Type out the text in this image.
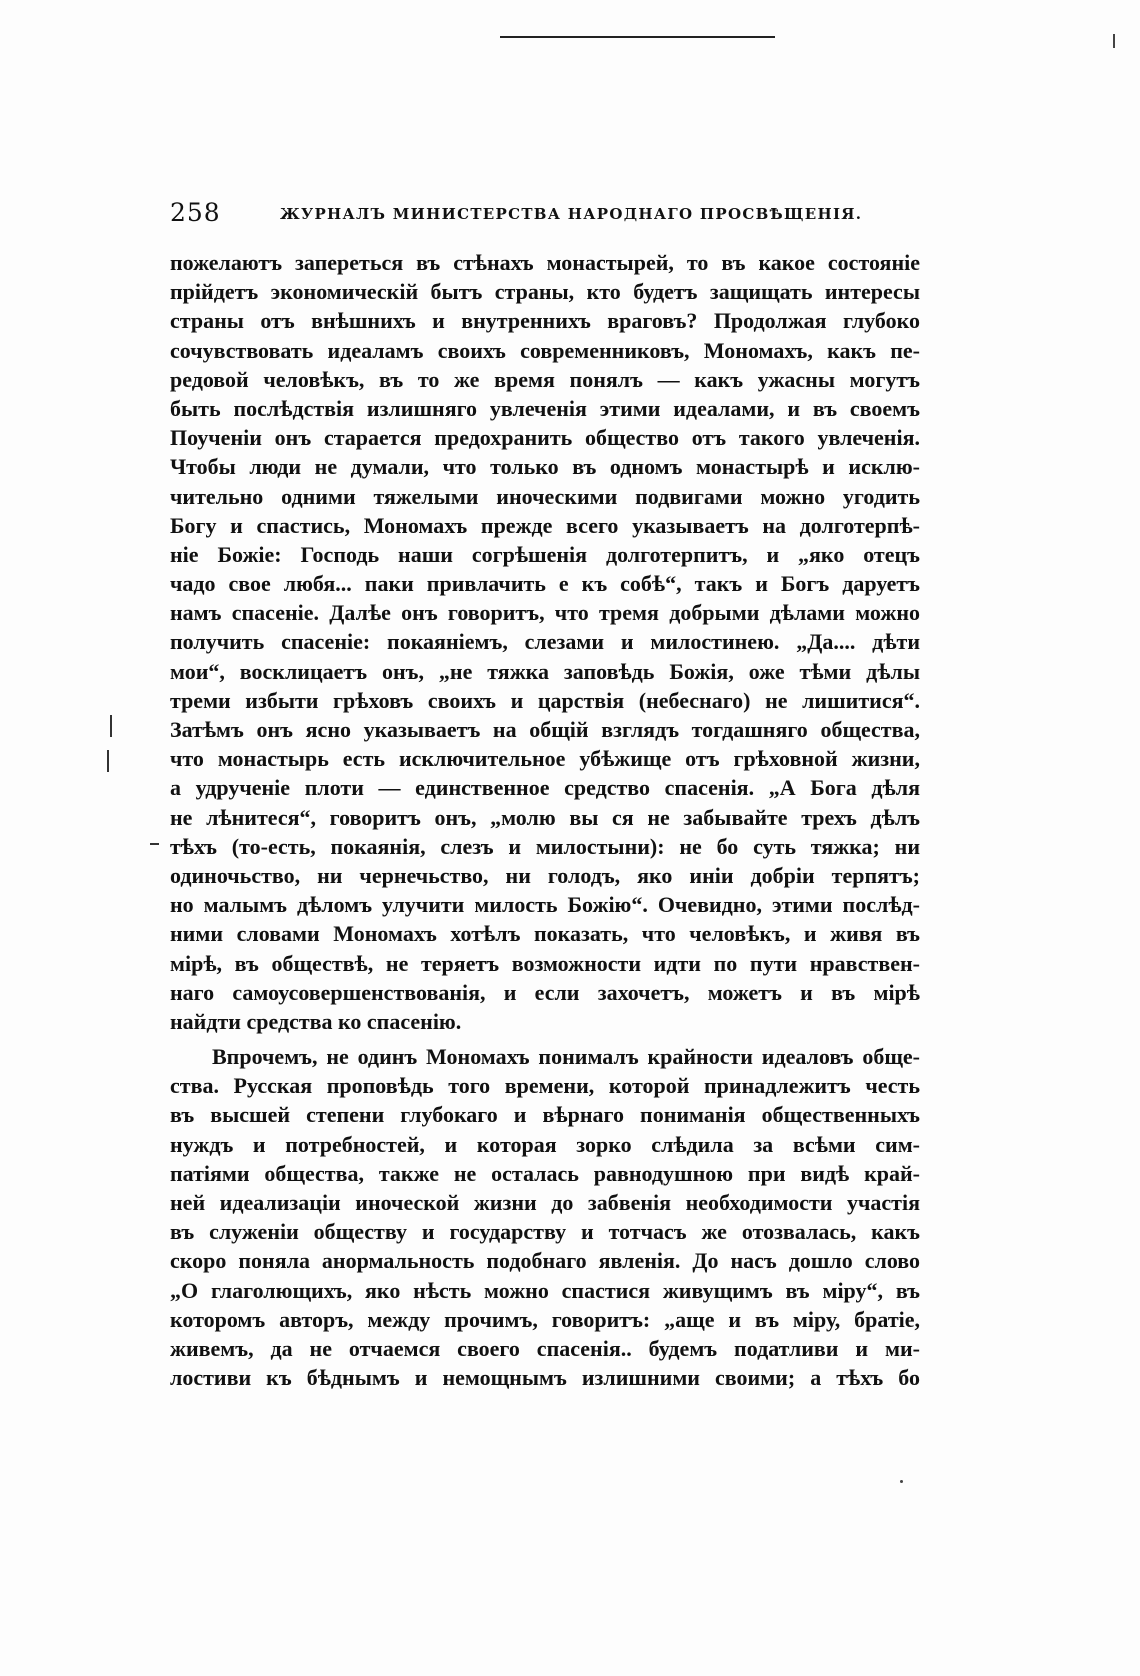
258	ЖУРНАЛЪ МИНИСТЕРСТВА НАРОДНАГО ПРОСВѢЩЕНІЯ.
пожелаютъ запереться въ стѣнахъ монастырей, то въ какое состояніе
прійдетъ экономическій бытъ страны, кто будетъ защищать интересы
страны отъ внѣшнихъ и внутреннихъ враговъ? Продолжая глубоко
сочувствовать идеаламъ своихъ современниковъ, Мономахъ, какъ пе-
редовой человѣкъ, въ то же время понялъ — какъ ужасны могутъ
быть послѣдствія излишняго увлеченія этими идеалами, и въ своемъ
Поученіи онъ старается предохранить общество отъ такого увлеченія.
Чтобы люди не думали, что только въ одномъ монастырѣ и исклю-
чительно одними тяжелыми иноческими подвигами можно угодить
Богу и спастись, Мономахъ прежде всего указываетъ на долготерпѣ-
ніе Божіе: Господь наши согрѣшенія долготерпитъ, и „яко отецъ
чадо свое любя... паки привлачить е къ собѣ“, такъ и Богъ даруетъ
намъ спасеніе. Далѣе онъ говоритъ, что тремя добрыми дѣлами можно
получить спасеніе: покаяніемъ, слезами и милостинею. „Да.... дѣти
мои“, восклицаетъ онъ, „не тяжка заповѣдь Божія, оже тѣми дѣлы
треми избыти грѣховъ своихъ и царствія (небеснаго) не лишитися“.
Затѣмъ онъ ясно указываетъ на общій взглядъ тогдашняго общества,
что монастырь есть исключительное убѣжище отъ грѣховной жизни,
а удрученіе плоти — единственное средство спасенія. „А Бога дѣля
не лѣнитеся“, говоритъ онъ, „молю вы ся не забывайте трехъ дѣлъ
тѣхъ (то-есть, покаянія, слезъ и милостыни): не бо суть тяжка; ни
одиночьство, ни чернечьство, ни голодъ, яко иніи добріи терпятъ;
но малымъ дѣломъ улучити милость Божію“. Очевидно, этими послѣд-
ними словами Мономахъ хотѣлъ показать, что человѣкъ, и живя въ
мірѣ, въ обществѣ, не теряетъ возможности идти по пути нравствен-
наго самоусовершенствованія, и если захочетъ, можетъ и въ мірѣ
найдти средства ко спасенію.
Впрочемъ, не одинъ Мономахъ понималъ крайности идеаловъ обще-
ства. Русская проповѣдь того времени, которой принадлежитъ честь
въ высшей степени глубокаго и вѣрнаго пониманія общественныхъ
нуждъ и потребностей, и которая зорко слѣдила за всѣми сим-
патіями общества, также не осталась равнодушною при видѣ край-
ней идеализаціи иноческой жизни до забвенія необходимости участія
въ служеніи обществу и государству и тотчасъ же отозвалась, какъ
скоро поняла анормальность подобнаго явленія. До насъ дошло слово
„О глаголющихъ, яко нѣсть можно спастися живущимъ въ міру“, въ
которомъ авторъ, между прочимъ, говоритъ: „аще и въ міру, братіе,
живемъ, да не отчаемся своего спасенія.. будемъ податливи и ми-
лостиви къ бѣднымъ и немощнымъ излишними своими; а тѣхъ бо
